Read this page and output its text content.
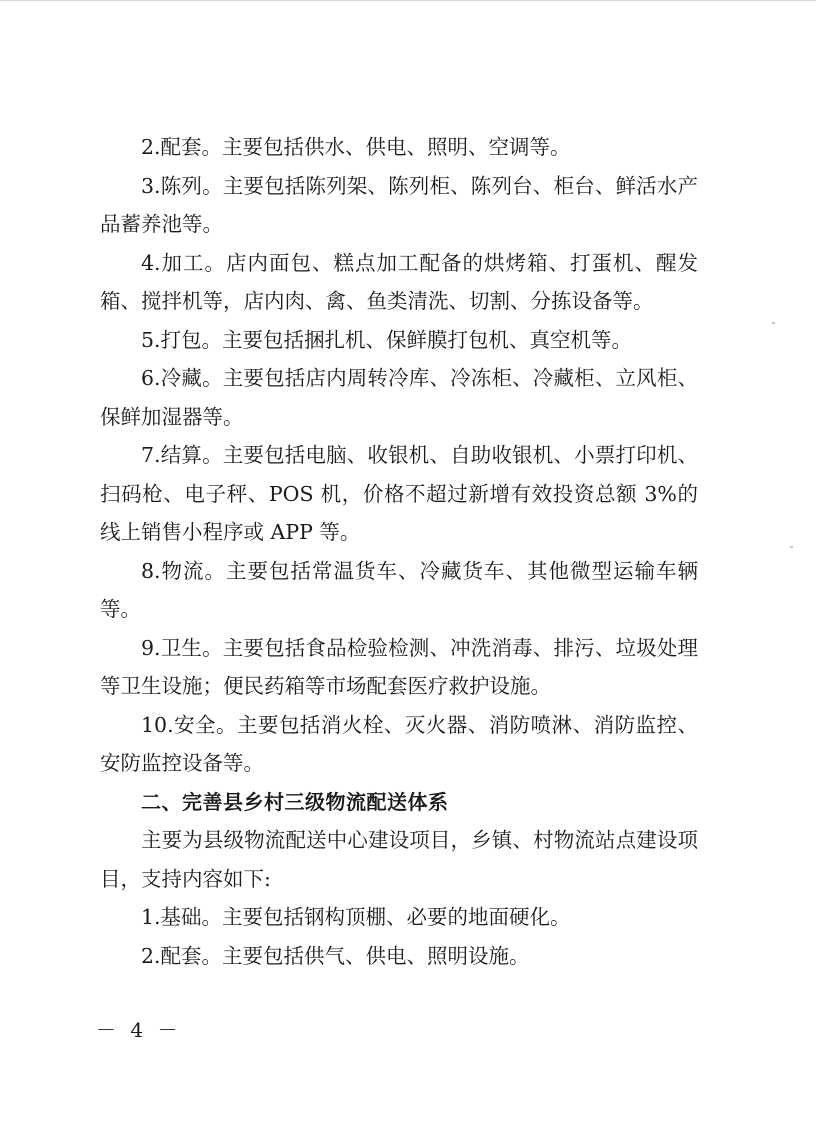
2.配套。主要包括供水、供电、照明、空调等。

3.陈列。主要包括陈列架、陈列柜、陈列台、柜台、鲜活水产品蓄养池等。

4.加工。店内面包、糕点加工配备的烘烤箱、打蛋机、醒发箱、搅拌机等，店内肉、禽、鱼类清洗、切割、分拣设备等。

5.打包。主要包括捆扎机、保鲜膜打包机、真空机等。

6.冷藏。主要包括店内周转冷库、冷冻柜、冷藏柜、立风柜、保鲜加湿器等。

7.结算。主要包括电脑、收银机、自助收银机、小票打印机、扫码枪、电子秤、POS 机，价格不超过新增有效投资总额 3%的线上销售小程序或 APP 等。

8.物流。主要包括常温货车、冷藏货车、其他微型运输车辆等。

9.卫生。主要包括食品检验检测、冲洗消毒、排污、垃圾处理等卫生设施；便民药箱等市场配套医疗救护设施。

10.安全。主要包括消火栓、灭火器、消防喷淋、消防监控、安防监控设备等。

二、完善县乡村三级物流配送体系

主要为县级物流配送中心建设项目，乡镇、村物流站点建设项目，支持内容如下:

1.基础。主要包括钢构顶棚、必要的地面硬化。

2.配套。主要包括供气、供电、照明设施。

－ 4 －
